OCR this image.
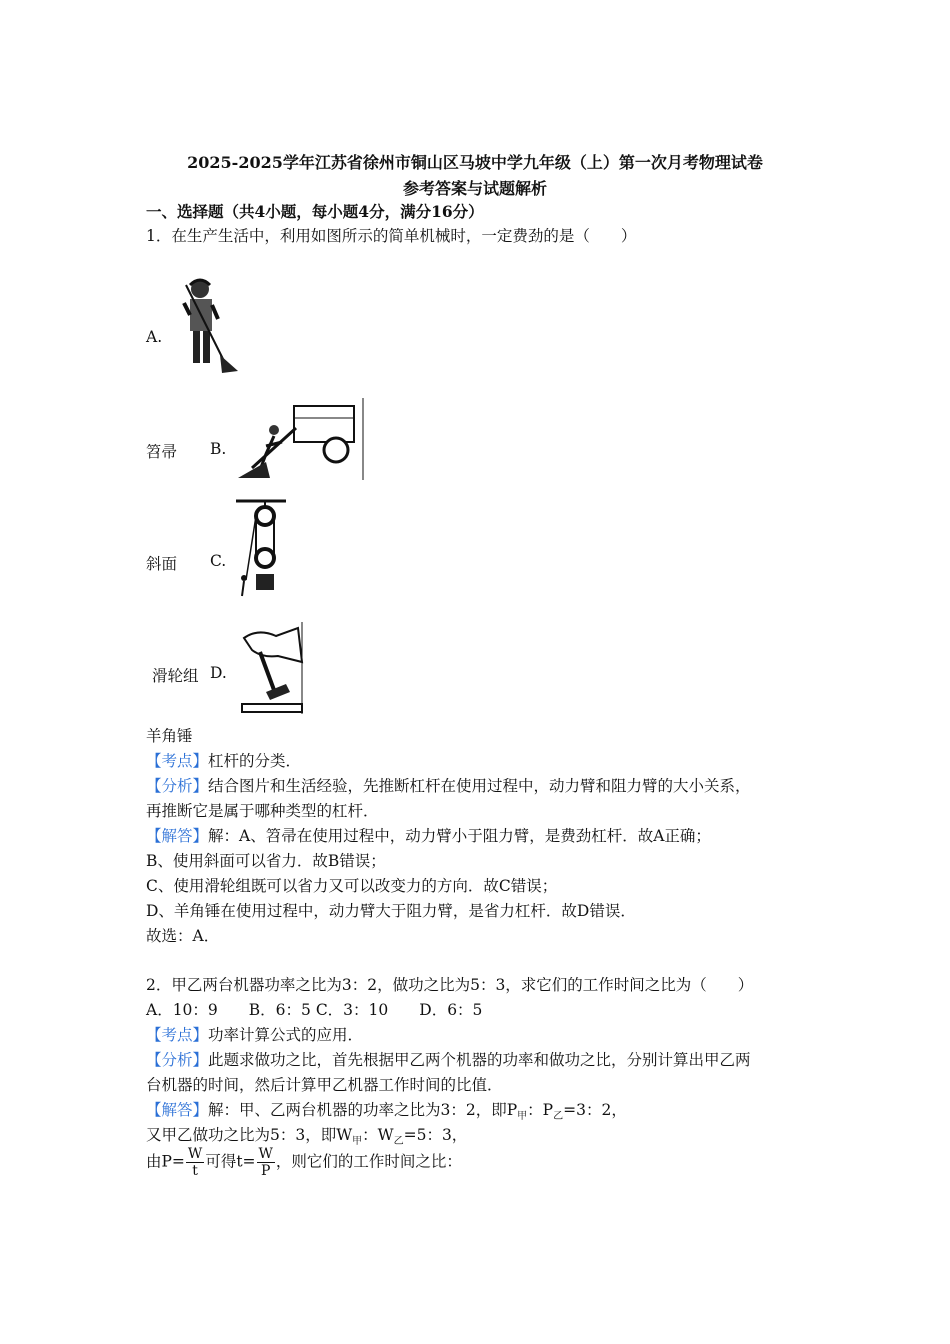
2025-2025学年江苏省徐州市铜山区马坡中学九年级（上）第一次月考物理试卷
参考答案与试题解析
一、选择题（共4小题，每小题4分，满分16分）
1．在生产生活中，利用如图所示的简单机械时，一定费劲的是（　　）
A.
笤帚 B.
斜面 C.
滑轮组 D.
羊角锤
【考点】杠杆的分类．
【分析】结合图片和生活经验，先推断杠杆在使用过程中，动力臂和阻力臂的大小关系，
再推断它是属于哪种类型的杠杆．
【解答】解：A、笤帚在使用过程中，动力臂小于阻力臂，是费劲杠杆．故A正确；
B、使用斜面可以省力．故B错误；
C、使用滑轮组既可以省力又可以改变力的方向．故C错误；
D、羊角锤在使用过程中，动力臂大于阻力臂，是省力杠杆．故D错误．
故选：A．
2．甲乙两台机器功率之比为3：2，做功之比为5：3，求它们的工作时间之比为（　　）
A．10：9　　B．6：5 C．3：10　　D．6：5
【考点】功率计算公式的应用．
【分析】此题求做功之比，首先根据甲乙两个机器的功率和做功之比，分别计算出甲乙两
台机器的时间，然后计算甲乙机器工作时间的比值．
【解答】解：甲、乙两台机器的功率之比为3：2，即$P_甲$：$P_乙=3$：2，
又甲乙做功之比为5：3，即$W_甲$：$W_乙=5$：3，
由$P= \frac{W}{t}$ 可得$t= \frac{W}{P}$ ，则它们的工作时间之比：
